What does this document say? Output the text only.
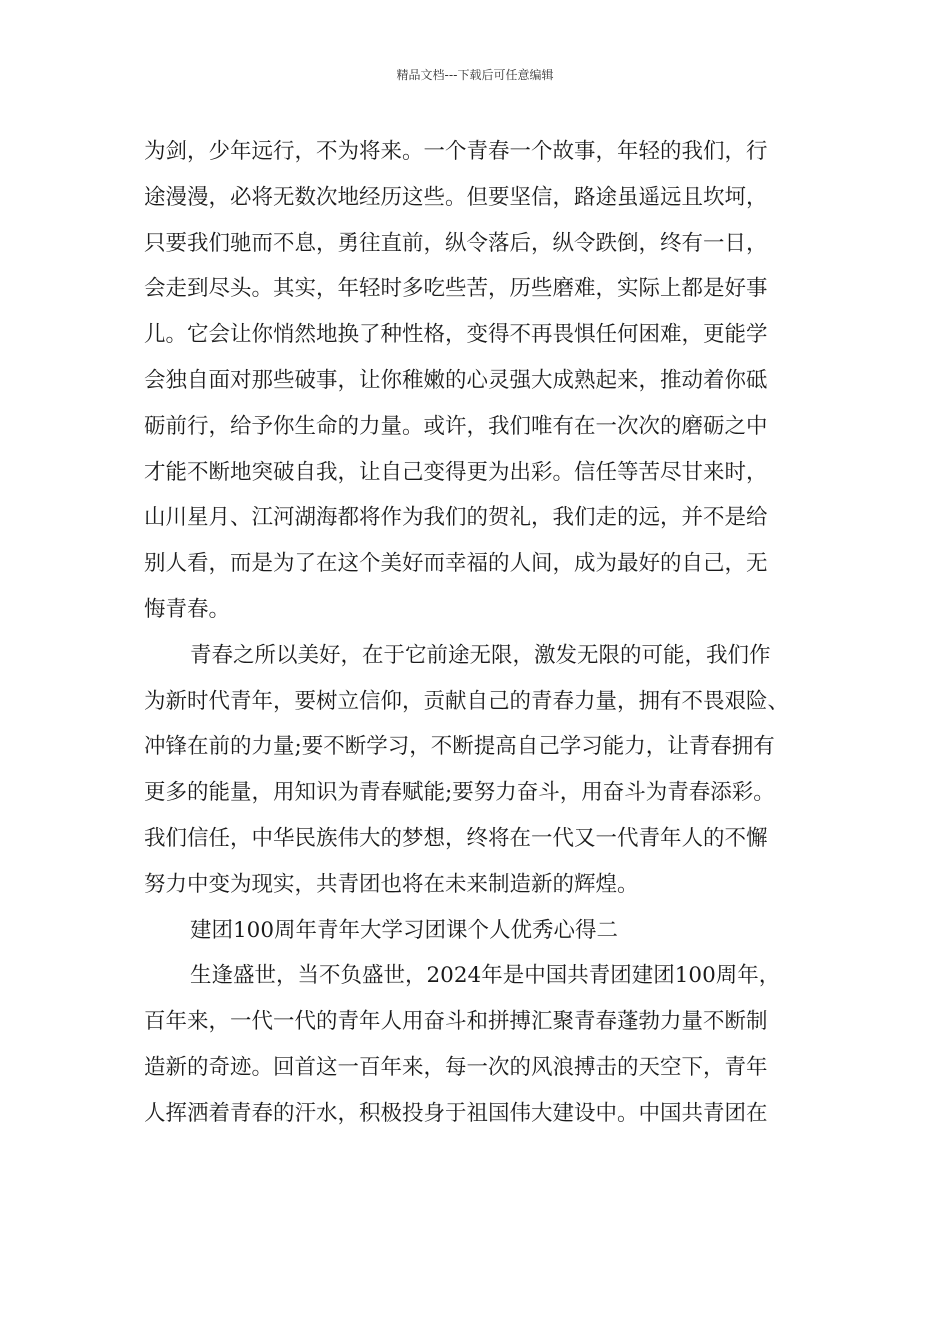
精品文档---下载后可任意编辑
为剑，少年远行，不为将来。一个青春一个故事，年轻的我们，行
途漫漫，必将无数次地经历这些。但要坚信，路途虽遥远且坎坷，
只要我们驰而不息，勇往直前，纵令落后，纵令跌倒，终有一日，
会走到尽头。其实，年轻时多吃些苦，历些磨难，实际上都是好事
儿。它会让你悄然地换了种性格，变得不再畏惧任何困难，更能学
会独自面对那些破事，让你稚嫩的心灵强大成熟起来，推动着你砥
砺前行，给予你生命的力量。或许，我们唯有在一次次的磨砺之中
才能不断地突破自我，让自己变得更为出彩。信任等苦尽甘来时，
山川星月、江河湖海都将作为我们的贺礼，我们走的远，并不是给
别人看，而是为了在这个美好而幸福的人间，成为最好的自己，无
悔青春。
青春之所以美好，在于它前途无限，激发无限的可能，我们作
为新时代青年，要树立信仰，贡献自己的青春力量，拥有不畏艰险、
冲锋在前的力量;要不断学习，不断提高自己学习能力，让青春拥有
更多的能量，用知识为青春赋能;要努力奋斗，用奋斗为青春添彩。
我们信任，中华民族伟大的梦想，终将在一代又一代青年人的不懈
努力中变为现实，共青团也将在未来制造新的辉煌。
建团100周年青年大学习团课个人优秀心得二
生逢盛世，当不负盛世，2024年是中国共青团建团100周年，
百年来，一代一代的青年人用奋斗和拼搏汇聚青春蓬勃力量不断制
造新的奇迹。回首这一百年来，每一次的风浪搏击的天空下，青年
人挥洒着青春的汗水，积极投身于祖国伟大建设中。中国共青团在
